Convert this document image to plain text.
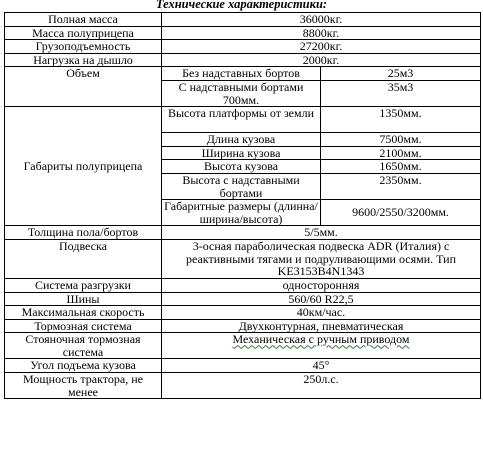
Технические характеристики:
Полная масса	36000кг.	
Масса полуприцепа	8800кг.	
Грузоподъемность	27200кг.	
Нагрузка на дышло	2000кг.	
Объем	Без надставных бортов	25м3
	С надставными бортами 700мм.	35м3
Габариты полуприцепа	Высота платформы от земли	1350мм.
	Длина кузова	7500мм.
	Ширина кузова	2100мм.
	Высота кузова	1650мм.
	Высота с надставными бортами	2350мм.
	Габаритные размеры (длинна/ширина/высота)	9600/2550/3200мм.
Толщина пола/бортов	5/5мм.	
Подвеска	3-осная параболическая подвеска ADR (Италия) с реактивными тягами и подруливающими осями. Тип KE3153B4N1343	
Система разгрузки	односторонняя	
Шины	560/60 R22,5	
Максимальная скорость	40км/час.	
Тормозная система	Двухконтурная, пневматическая	
Стояночная тормозная система	Механическая с ручным приводом	
Угол подъема кузова	45°	
Мощность трактора, не менее	250л.с.	
